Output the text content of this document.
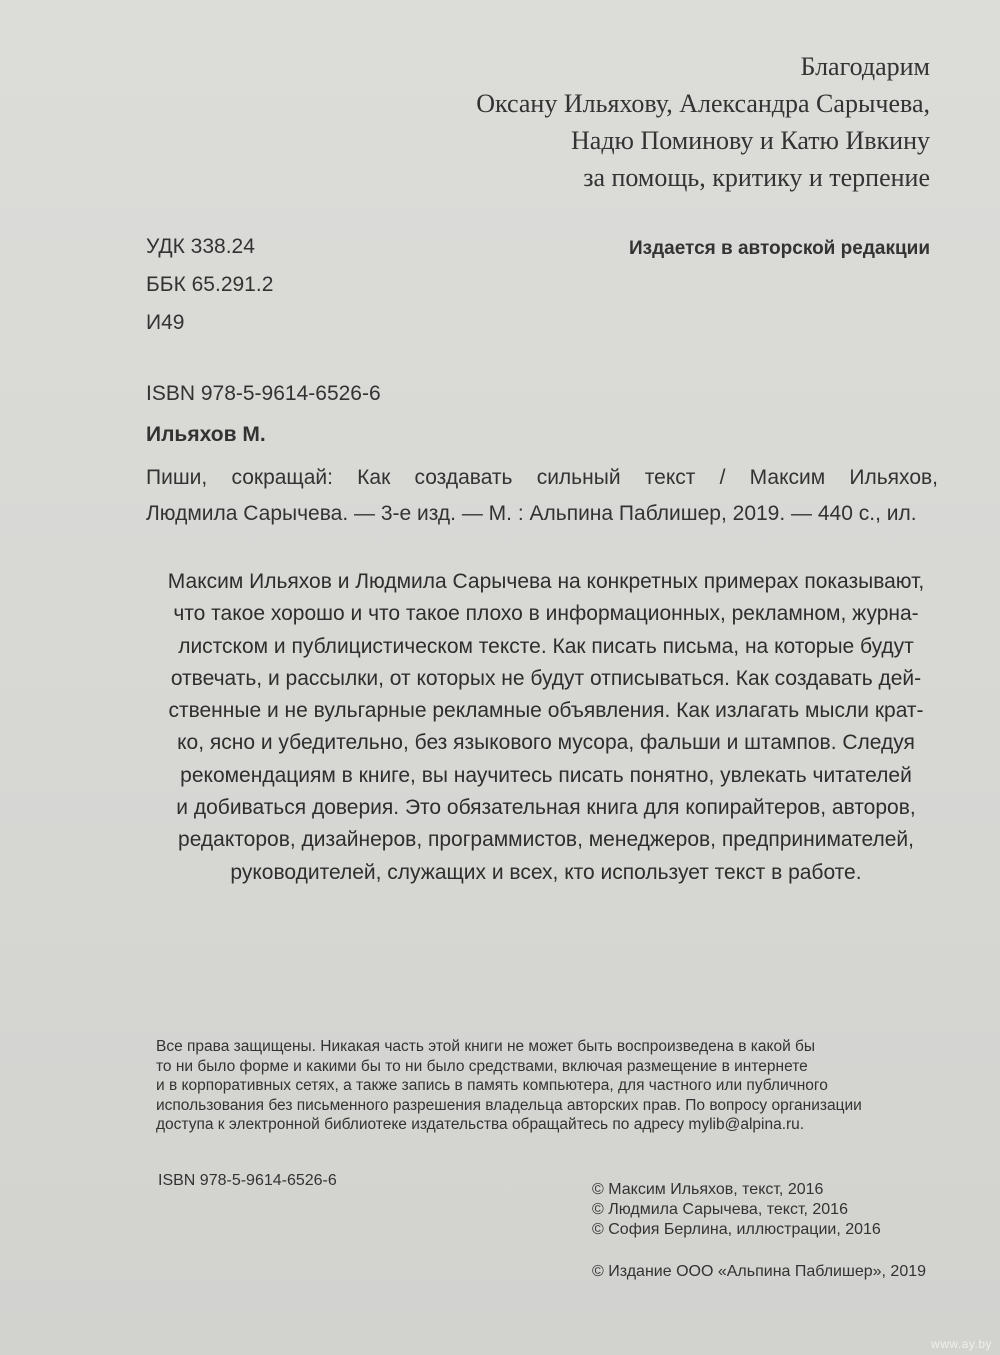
Благодарим
Оксану Ильяхову, Александра Сарычева,
Надю Поминову и Катю Ивкину
за помощь, критику и терпение
УДК 338.24
ББК 65.291.2
И49
Издается в авторской редакции
ISBN 978-5-9614-6526-6
Ильяхов М.
Пиши, сокращай: Как создавать сильный текст / Максим Ильяхов,
Людмила Сарычева. — 3-е изд. — М. : Альпина Паблишер, 2019. — 440 с., ил.
Максим Ильяхов и Людмила Сарычева на конкретных примерах показывают,
что такое хорошо и что такое плохо в информационных, рекламном, журна-
листском и публицистическом тексте. Как писать письма, на которые будут
отвечать, и рассылки, от которых не будут отписываться. Как создавать дей-
ственные и не вульгарные рекламные объявления. Как излагать мысли крат-
ко, ясно и убедительно, без языкового мусора, фальши и штампов. Следуя
рекомендациям в книге, вы научитесь писать понятно, увлекать читателей
и добиваться доверия. Это обязательная книга для копирайтеров, авторов,
редакторов, дизайнеров, программистов, менеджеров, предпринимателей,
руководителей, служащих и всех, кто использует текст в работе.
Все права защищены. Никакая часть этой книги не может быть воспроизведена в какой бы
то ни было форме и какими бы то ни было средствами, включая размещение в интернете
и в корпоративных сетях, а также запись в память компьютера, для частного или публичного
использования без письменного разрешения владельца авторских прав. По вопросу организации
доступа к электронной библиотеке издательства обращайтесь по адресу mylib@alpina.ru.
ISBN 978-5-9614-6526-6
© Максим Ильяхов, текст, 2016
© Людмила Сарычева, текст, 2016
© София Берлина, иллюстрации, 2016
© Издание ООО «Альпина Паблишер», 2019
www.ay.by
